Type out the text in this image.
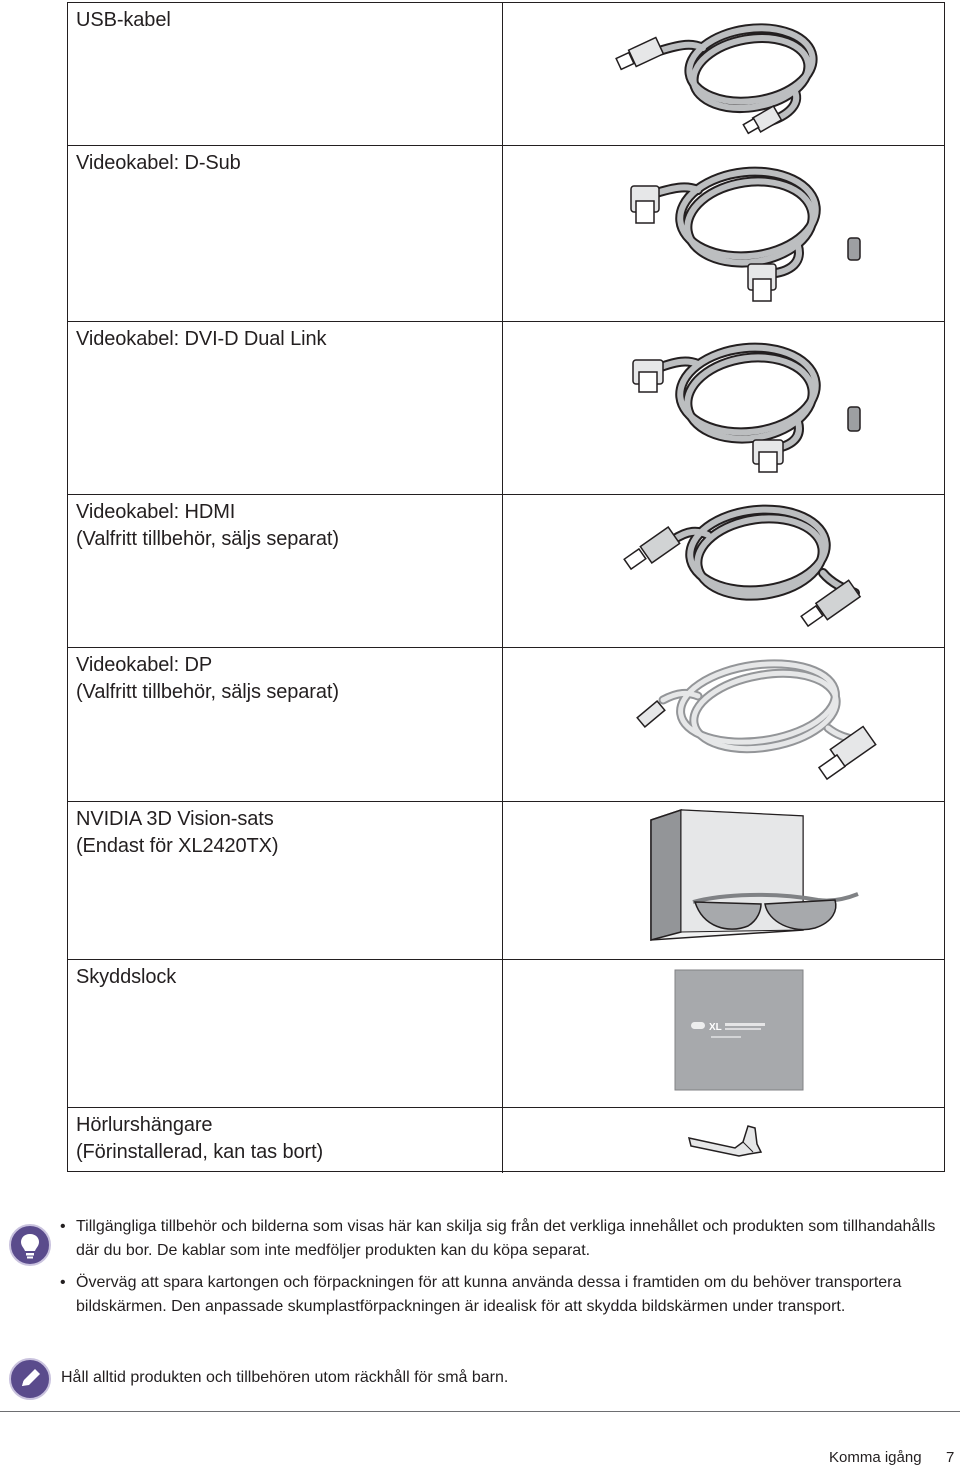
USB-kabel
Videokabel: D-Sub
Videokabel: DVI-D Dual Link
Videokabel: HDMI
(Valfritt tillbehör, säljs separat)
Videokabel: DP
(Valfritt tillbehör, säljs separat)
NVIDIA 3D Vision-sats
(Endast för XL2420TX)
Skyddslock
XL
Hörlurshängare
(Förinstallerad, kan tas bort)
• Tillgängliga tillbehör och bilderna som visas här kan skilja sig från det verkliga innehållet och produkten som tillhandahålls där du bor. De kablar som inte medföljer produkten kan du köpa separat.
• Överväg att spara kartongen och förpackningen för att kunna använda dessa i framtiden om du behöver transportera bildskärmen. Den anpassade skumplastförpackningen är idealisk för att skydda bildskärmen under transport.
Håll alltid produkten och tillbehören utom räckhåll för små barn.
Komma igång 7
